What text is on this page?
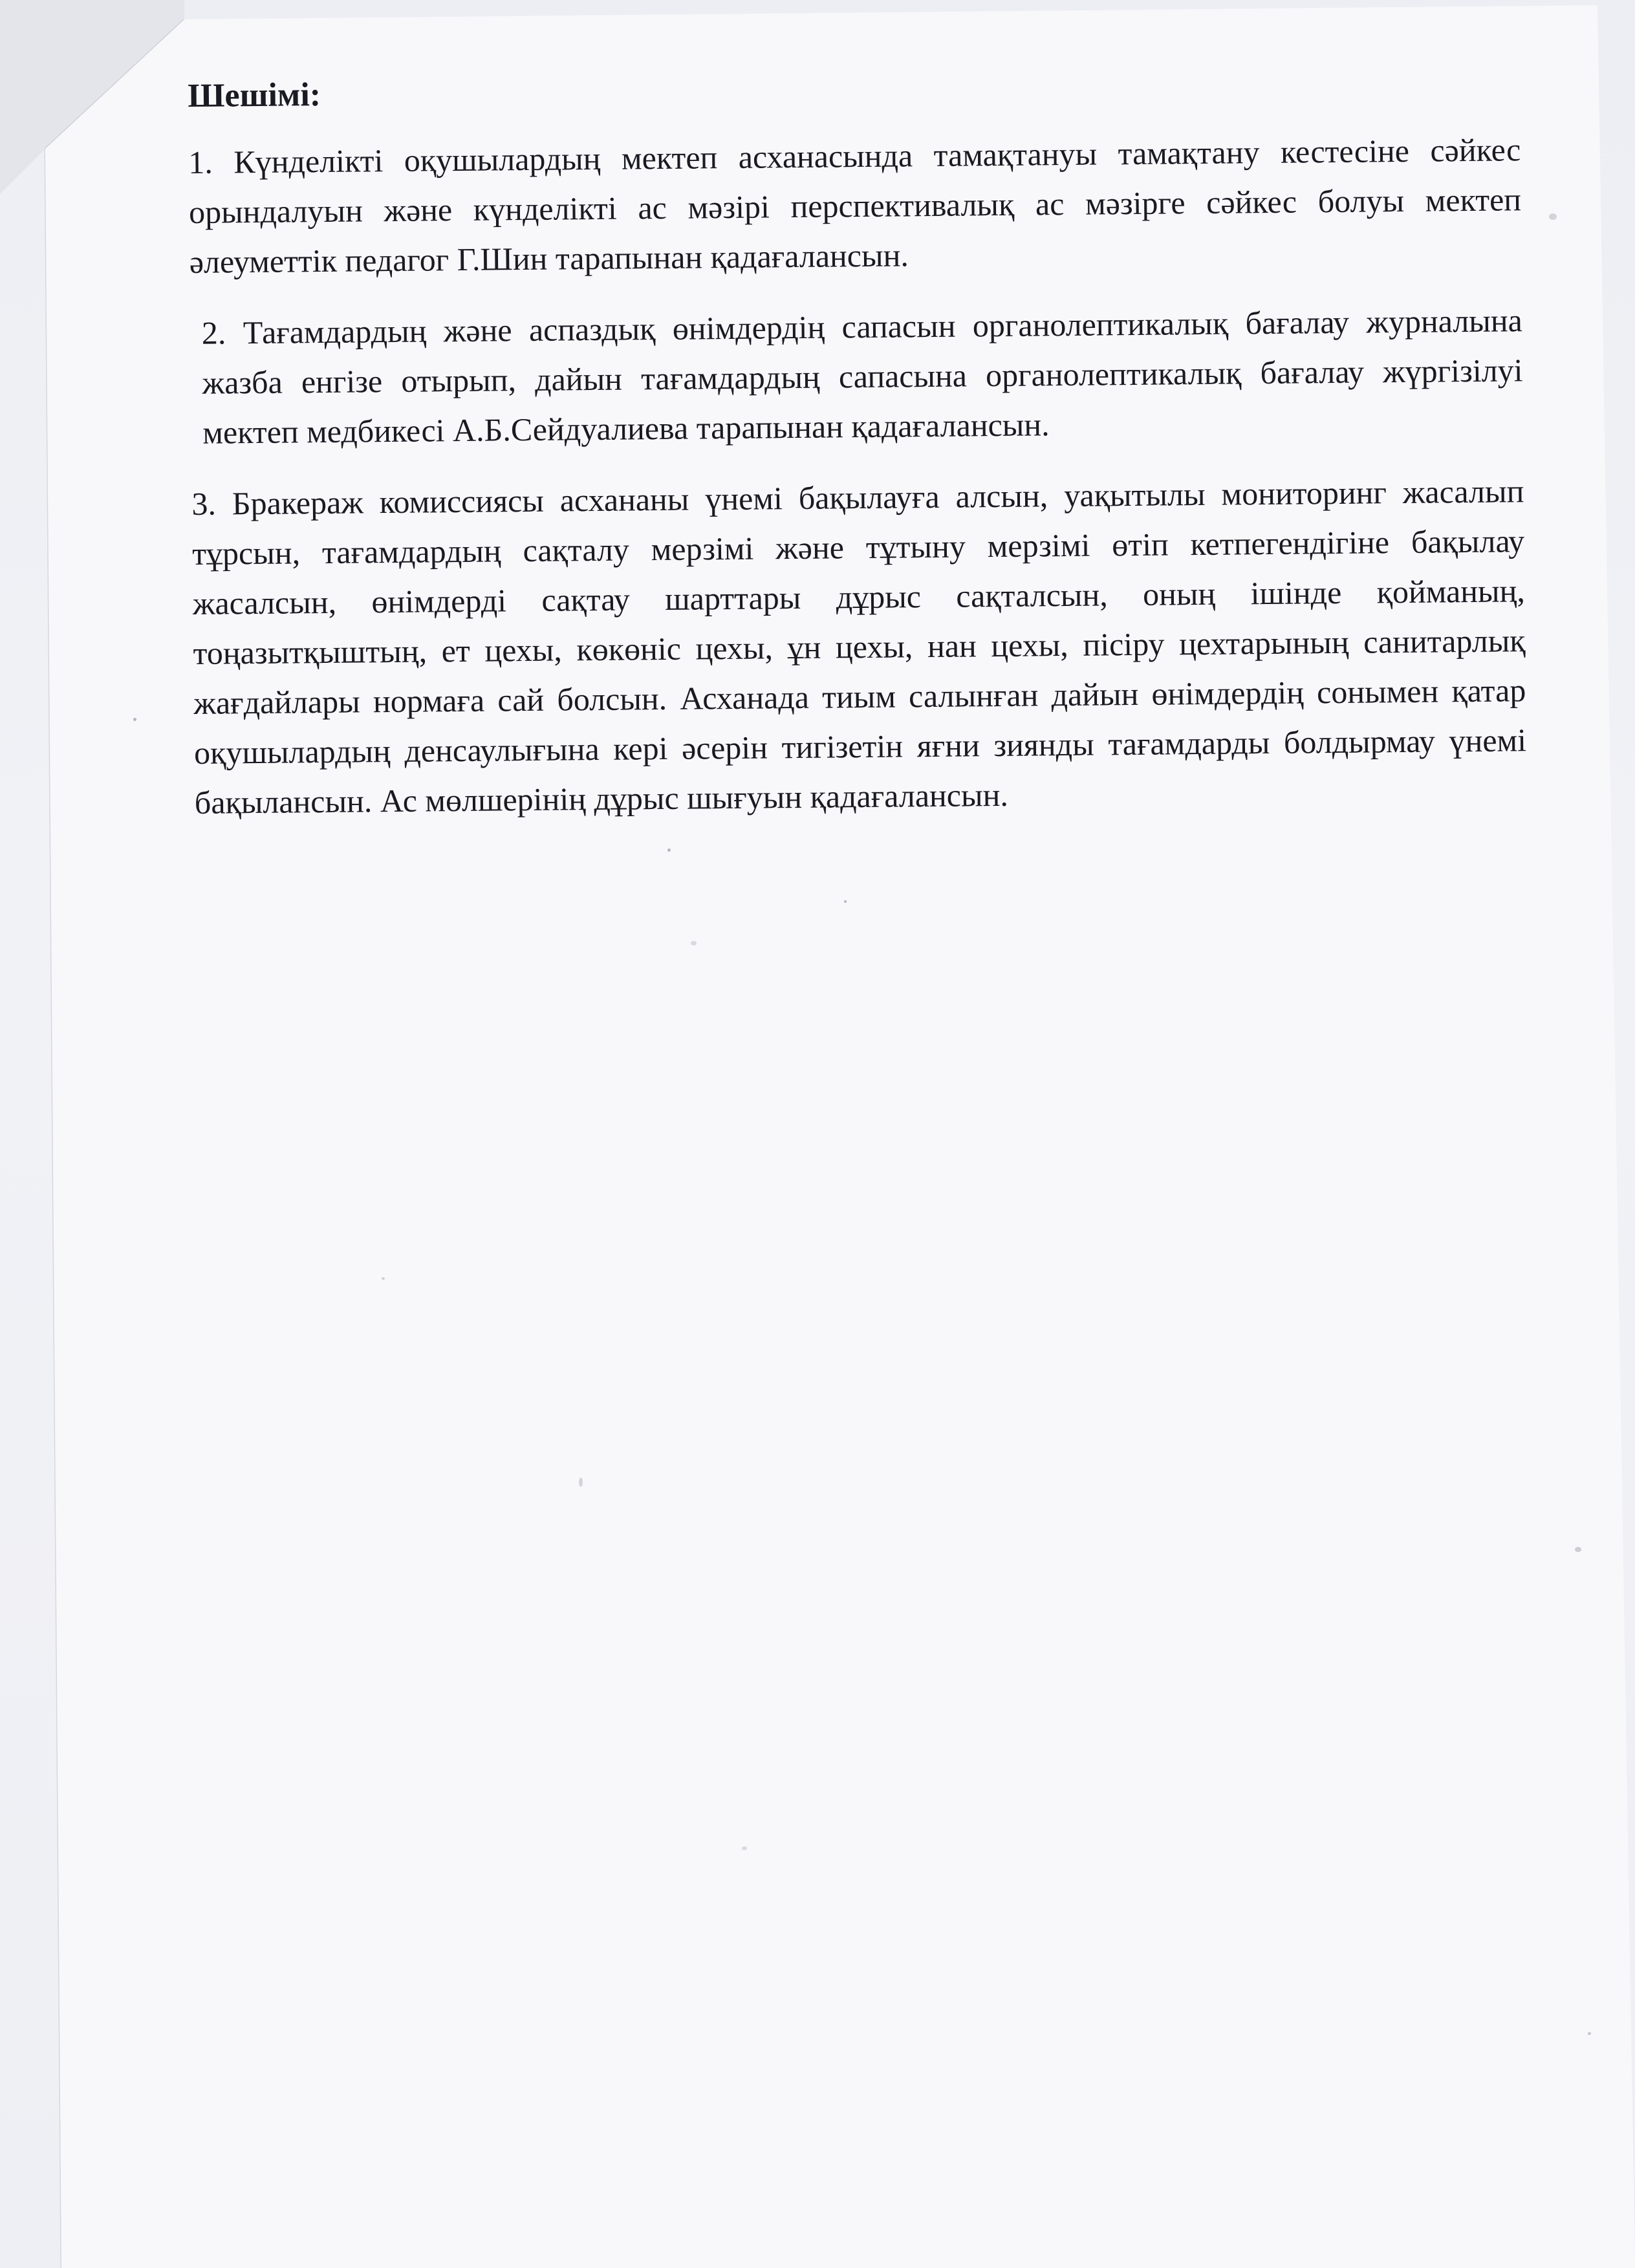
Шешімі:

1. Күнделікті оқушылардың мектеп асханасында тамақтануы тамақтану кестесіне сәйкес орындалуын және күнделікті ас мәзірі перспективалық ас мәзірге сәйкес болуы мектеп әлеуметтік педагог Г.Шин тарапынан қадағалансын.

2. Тағамдардың және аспаздық өнімдердің сапасын органолептикалық бағалау журналына жазба енгізе отырып, дайын тағамдардың сапасына органолептикалық бағалау жүргізілуі мектеп медбикесі А.Б.Сейдуалиева тарапынан қадағалансын.

3. Бракераж комиссиясы асхананы үнемі бақылауға алсын, уақытылы мониторинг жасалып тұрсын, тағамдардың сақталу мерзімі және тұтыну мерзімі өтіп кетпегендігіне бақылау жасалсын, өнімдерді сақтау шарттары дұрыс сақталсын, оның ішінде қойманың, тоңазытқыштың, ет цехы, көкөніс цехы, ұн цехы, нан цехы, пісіру цехтарының санитарлық жағдайлары нормаға сай болсын. Асханада тиым салынған дайын өнімдердің сонымен қатар оқушылардың денсаулығына кері әсерін тигізетін яғни зиянды тағамдарды болдырмау үнемі бақылансын. Ас мөлшерінің дұрыс шығуын қадағалансын.
